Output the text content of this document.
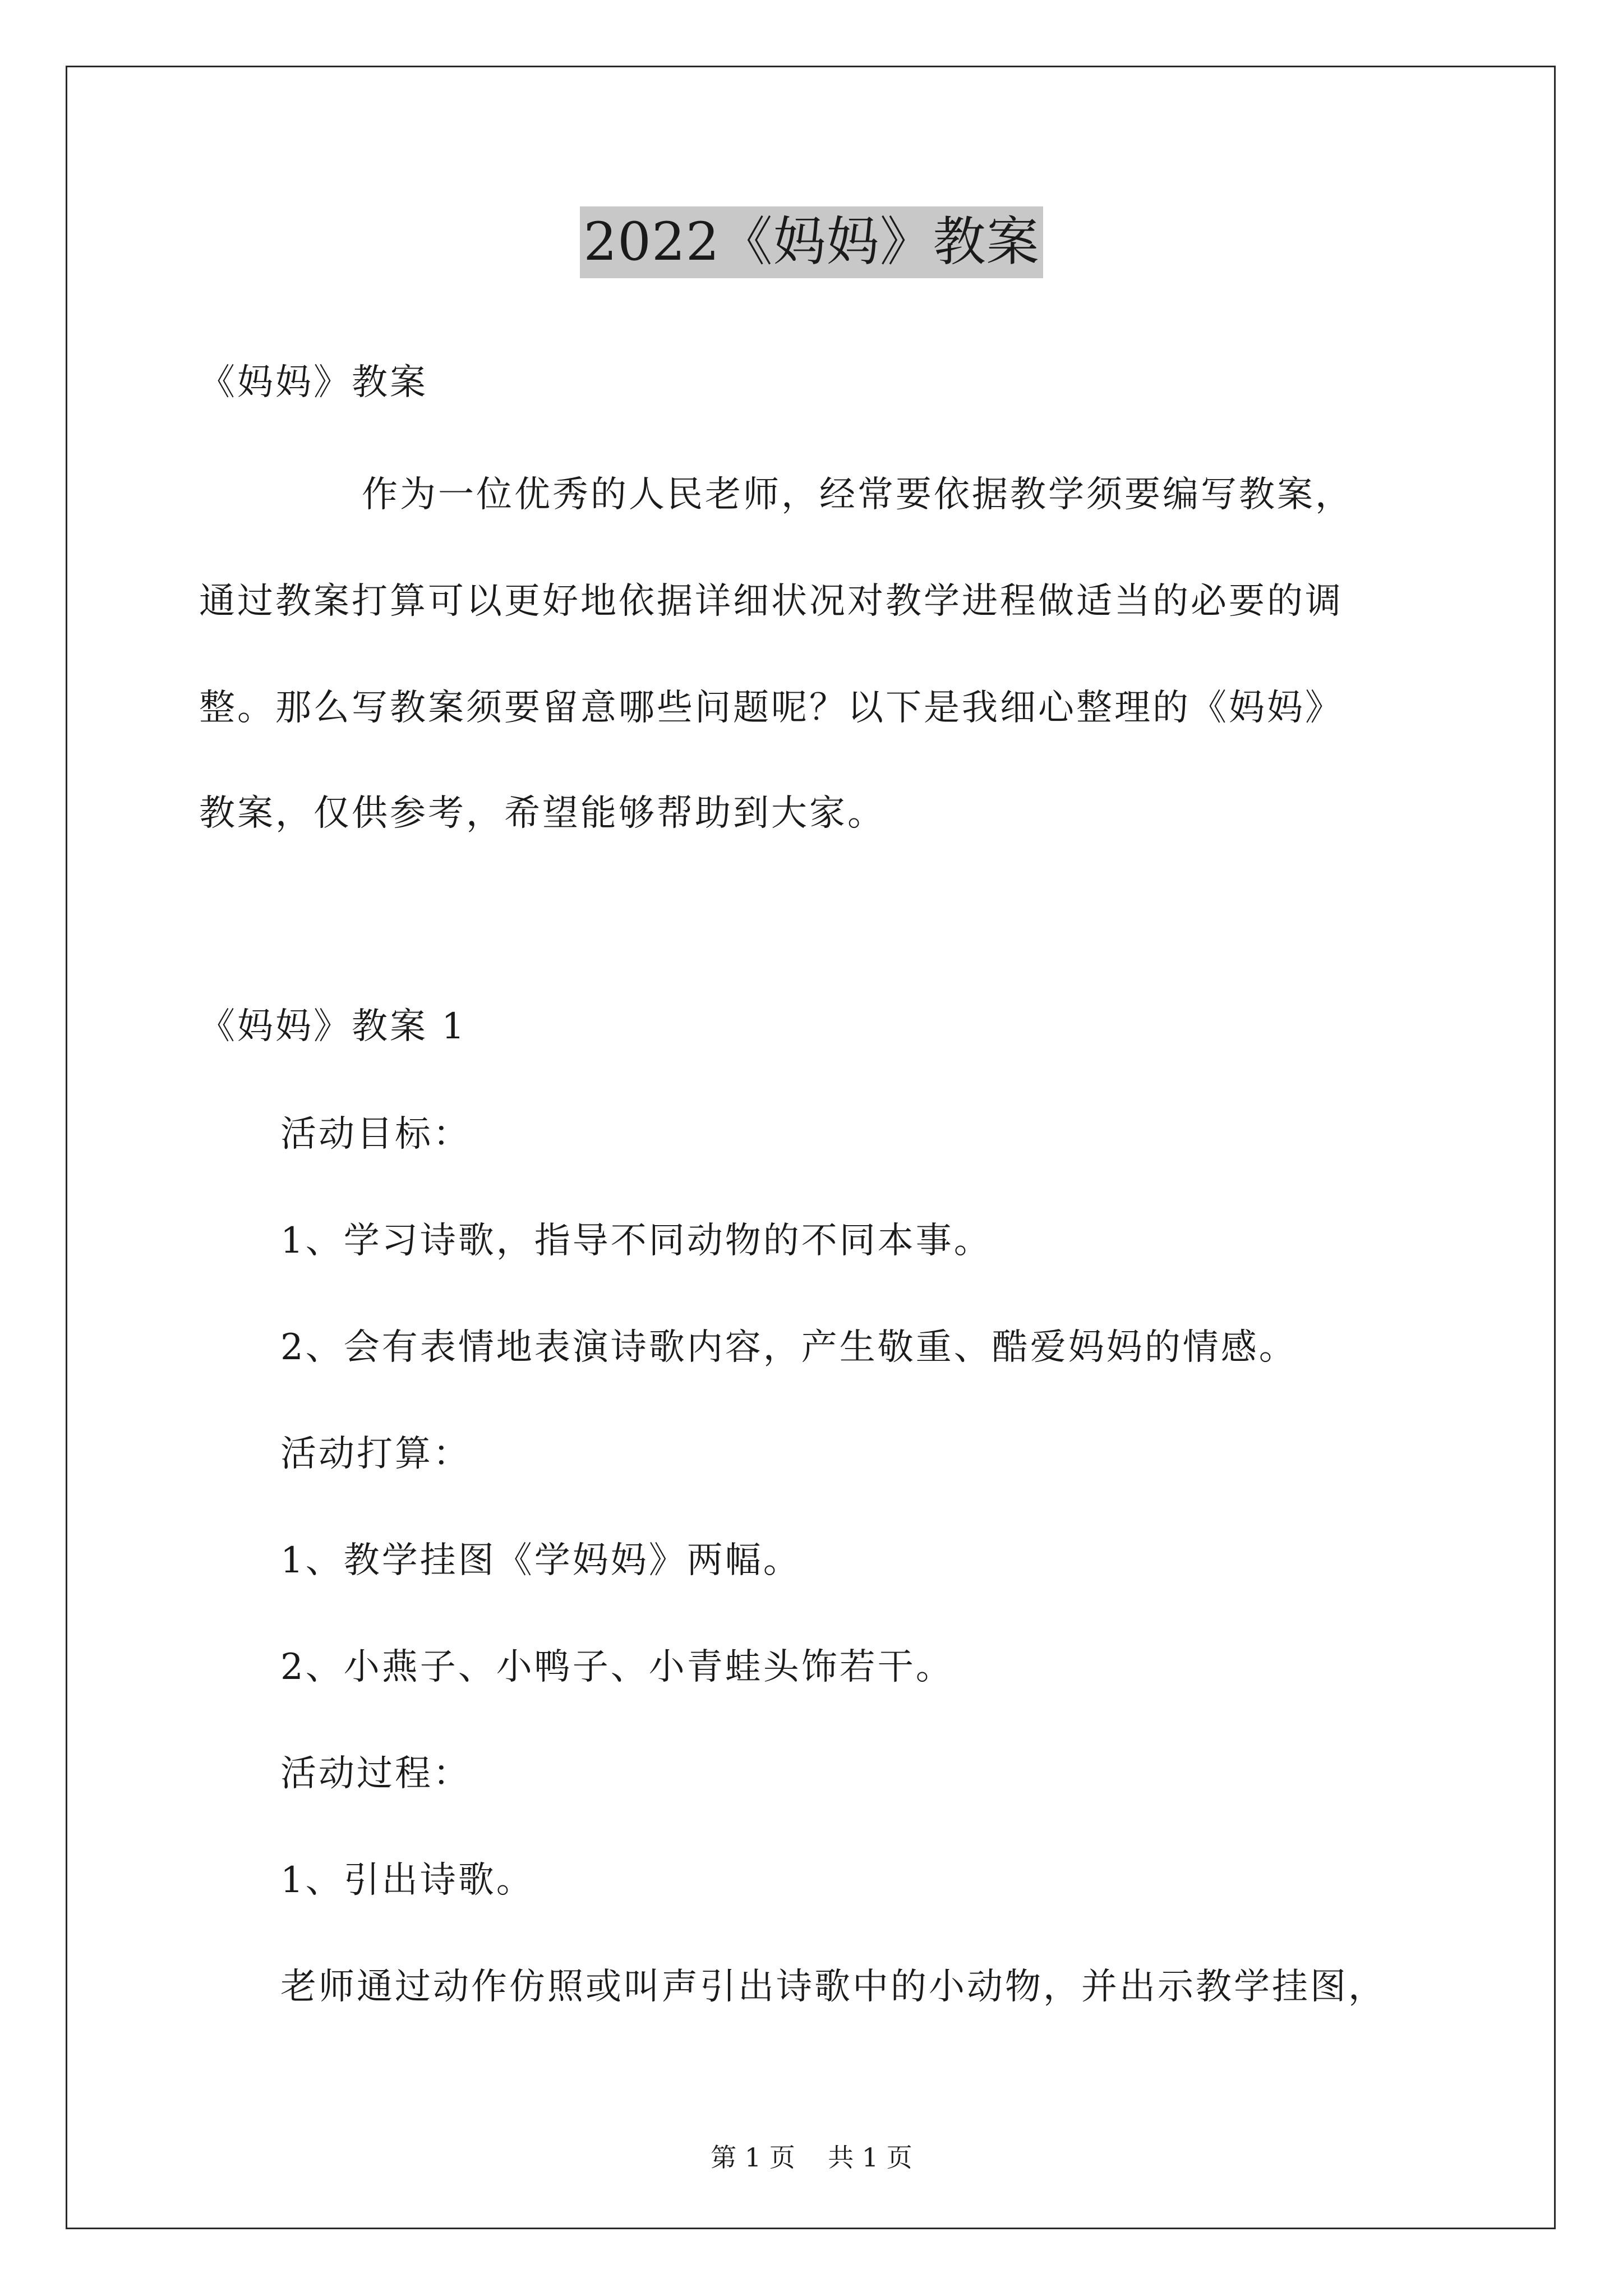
2022《妈妈》教案
《妈妈》教案
作为一位优秀的人民老师，经常要依据教学须要编写教案，
通过教案打算可以更好地依据详细状况对教学进程做适当的必要的调
整。那么写教案须要留意哪些问题呢？以下是我细心整理的《妈妈》
教案，仅供参考，希望能够帮助到大家。
《妈妈》教案 1
活动目标：
1、学习诗歌，指导不同动物的不同本事。
2、会有表情地表演诗歌内容，产生敬重、酷爱妈妈的情感。
活动打算：
1、教学挂图《学妈妈》两幅。
2、小燕子、小鸭子、小青蛙头饰若干。
活动过程：
1、引出诗歌。
老师通过动作仿照或叫声引出诗歌中的小动物，并出示教学挂图，
第 1 页    共 1 页
